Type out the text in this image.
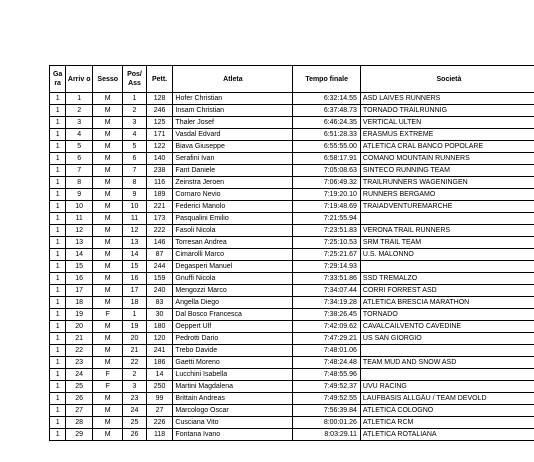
Ga ra	Arriv o	Sesso	Pos/ Ass	Pett.	Atleta	Tempo finale	Società
1	1	M	1	128	Hofer Christian	6:32:14.55	ASD LAIVES RUNNERS
1	2	M	2	246	Insam Christian	6:37:48.73	TORNADO TRAILRUNNIG
1	3	M	3	125	Thaler Josef	6:46:24.35	VERTICAL ULTEN
1	4	M	4	171	Vasdal Edvard	6:51:28.33	ERASMUS EXTREME
1	5	M	5	122	Biava Giuseppe	6:55:55.00	ATLETICA CRAL BANCO POPOLARE
1	6	M	6	140	Serafini Ivan	6:58:17.91	COMANO MOUNTAIN RUNNERS
1	7	M	7	238	Fant Daniele	7:05:08.63	SINTECO RUNNING TEAM
1	8	M	8	116	Zeinstra Jeroen	7:06:49.32	TRAILRUNNERS WAGENINGEN
1	9	M	9	189	Cornaro Nevio	7:19:20.10	RUNNERS BERGAMO
1	10	M	10	221	Federici Manolo	7:19:48.69	TRAIADVENTUREMARCHE
1	11	M	11	173	Pasqualini Emilio	7:21:55.94	
1	12	M	12	222	Fasoli Nicola	7:23:51.83	VERONA TRAIL RUNNERS
1	13	M	13	146	Torresan Andrea	7:25:10.53	SRM TRAIL TEAM
1	14	M	14	87	Cimarolli Marco	7:25:21.67	U.S. MALONNO
1	15	M	15	244	Degasperi Manuel	7:29:14.93	
1	16	M	16	159	Gnuffi Nicola	7:33:51.86	SSD TREMALZO
1	17	M	17	240	Mengozzi Marco	7:34:07.44	CORRI FORREST ASD
1	18	M	18	83	Angella Diego	7:34:19.28	ATLETICA BRESCIA MARATHON
1	19	F	1	30	Dal Bosco Francesca	7:38:26.45	TORNADO
1	20	M	19	180	Oeppert Ulf	7:42:09.62	CAVALCAILVENTO CAVEDINE
1	21	M	20	120	Pedrotti Dario	7:47:29.21	US SAN GIORGIO
1	22	M	21	241	Trebo Davide	7:48:01.06	
1	23	M	22	186	Gaetti Moreno	7:48:24.48	TEAM MUD AND SNOW ASD
1	24	F	2	14	Lucchini Isabella	7:48:55.96	
1	25	F	3	250	Martini Magdalena	7:49:52.37	UVU RACING
1	26	M	23	99	Brittain Andreas	7:49:52.55	LAUFBASIS ALLGÄU / TEAM DEVOLD
1	27	M	24	27	Marcologo Oscar	7:56:39.84	ATLETICA COLOGNO
1	28	M	25	226	Cusciana Vito	8:00:01.26	ATLETICA RCM
1	29	M	26	118	Fontana Ivano	8:03:29.11	ATLETICA ROTALIANA
